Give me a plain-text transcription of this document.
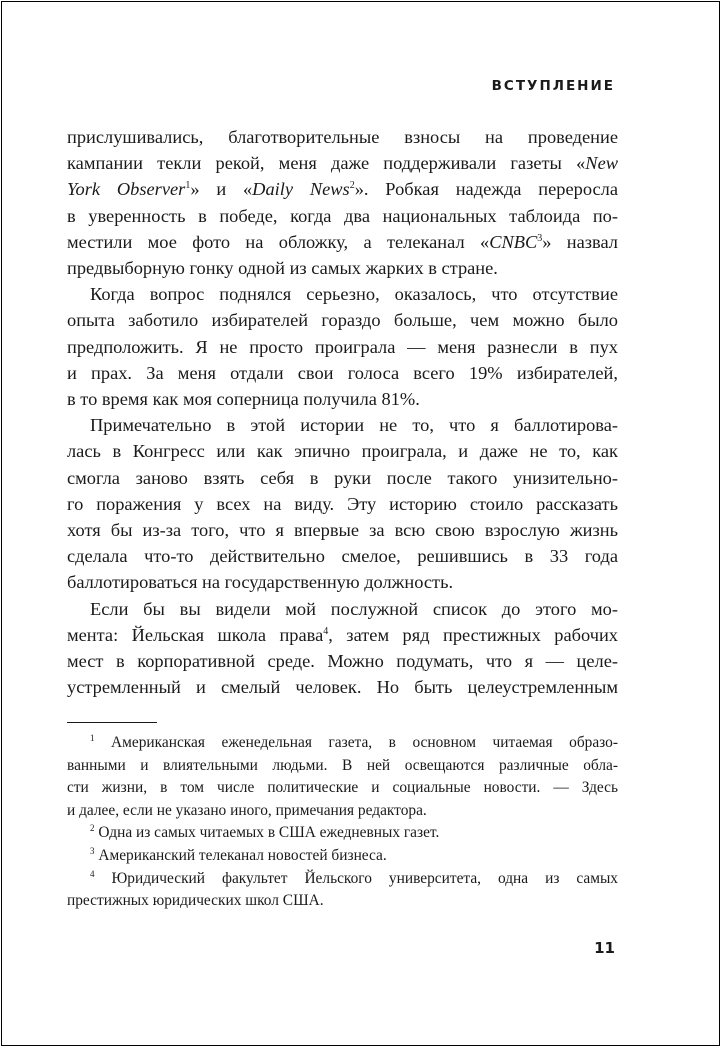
ВСТУПЛЕНИЕ
прислушивались, благотворительные взносы на проведение
кампании текли рекой, меня даже поддерживали газеты «New
York Observer$^1$» и «Daily News$^2$». Робкая надежда переросла
в уверенность в победе, когда два национальных таблоида по-
местили мое фото на обложку, а телеканал «CNBC$^3$» назвал
предвыборную гонку одной из самых жарких в стране.
Когда вопрос поднялся серьезно, оказалось, что отсутствие
опыта заботило избирателей гораздо больше, чем можно было
предположить. Я не просто проиграла — меня разнесли в пух
и прах. За меня отдали свои голоса всего 19% избирателей,
в то время как моя соперница получила 81%.
Примечательно в этой истории не то, что я баллотирова-
лась в Конгресс или как эпично проиграла, и даже не то, как
смогла заново взять себя в руки после такого унизительно-
го поражения у всех на виду. Эту историю стоило рассказать
хотя бы из-за того, что я впервые за всю свою взрослую жизнь
сделала что-то действительно смелое, решившись в 33 года
баллотироваться на государственную должность.
Если бы вы видели мой послужной список до этого мо-
мента: Йельская школа права$^4$, затем ряд престижных рабочих
мест в корпоративной среде. Можно подумать, что я — целе-
устремленный и смелый человек. Но быть целеустремленным
$^1$ Американская еженедельная газета, в основном читаемая образо-
ванными и влиятельными людьми. В ней освещаются различные обла-
сти жизни, в том числе политические и социальные новости. — Здесь
и далее, если не указано иного, примечания редактора.
$^2$ Одна из самых читаемых в США ежедневных газет.
$^3$ Американский телеканал новостей бизнеса.
$^4$ Юридический факультет Йельского университета, одна из самых
престижных юридических школ США.
11
